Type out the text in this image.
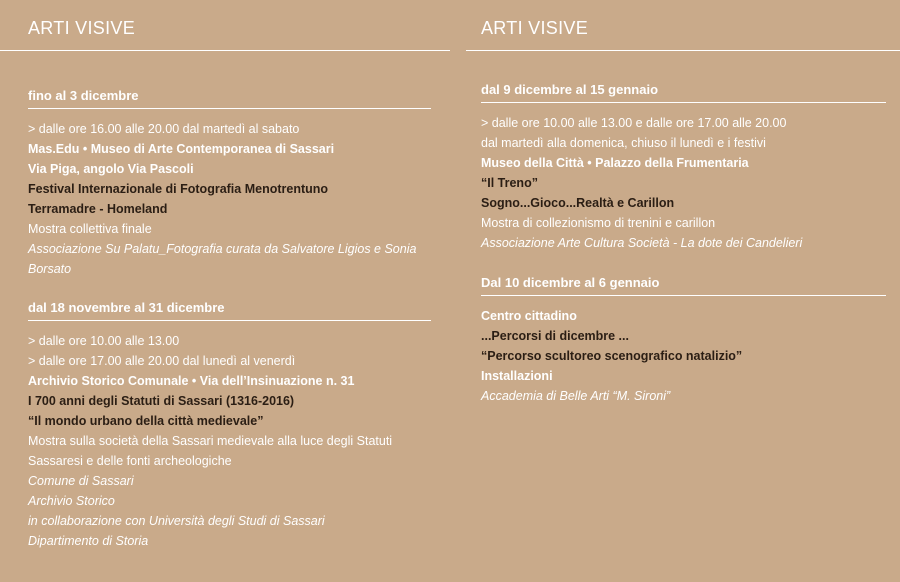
ARTI VISIVE
fino al 3 dicembre
> dalle ore 16.00 alle 20.00 dal martedì al sabato
Mas.Edu • Museo di Arte Contemporanea di Sassari
Via Piga, angolo Via Pascoli
Festival Internazionale di Fotografia Menotrentuno
Terramadre - Homeland
Mostra collettiva finale
Associazione Su Palatu_Fotografia curata da Salvatore Ligios e Sonia
Borsato
dal 18 novembre al 31 dicembre
> dalle ore 10.00 alle 13.00
> dalle ore 17.00 alle 20.00 dal lunedì al venerdì
Archivio Storico Comunale • Via dell’Insinuazione n. 31
I 700 anni degli Statuti di Sassari (1316-2016)
“Il mondo urbano della città medievale”
Mostra sulla società della Sassari medievale alla luce degli Statuti
Sassaresi e delle fonti archeologiche
Comune di Sassari
Archivio Storico
in collaborazione con Università degli Studi di Sassari
Dipartimento di Storia
ARTI VISIVE
dal 9 dicembre al 15 gennaio
> dalle ore 10.00 alle 13.00 e dalle ore 17.00 alle 20.00
dal martedì alla domenica, chiuso il lunedì e i festivi
Museo della Città • Palazzo della Frumentaria
“Il Treno”
Sogno...Gioco...Realtà e Carillon
Mostra di collezionismo di trenini e carillon
Associazione Arte Cultura Società - La dote dei Candelieri
Dal 10 dicembre al 6 gennaio
Centro cittadino
...Percorsi di dicembre ...
“Percorso scultoreo scenografico natalizio”
Installazioni
Accademia di Belle Arti “M. Sironi”
